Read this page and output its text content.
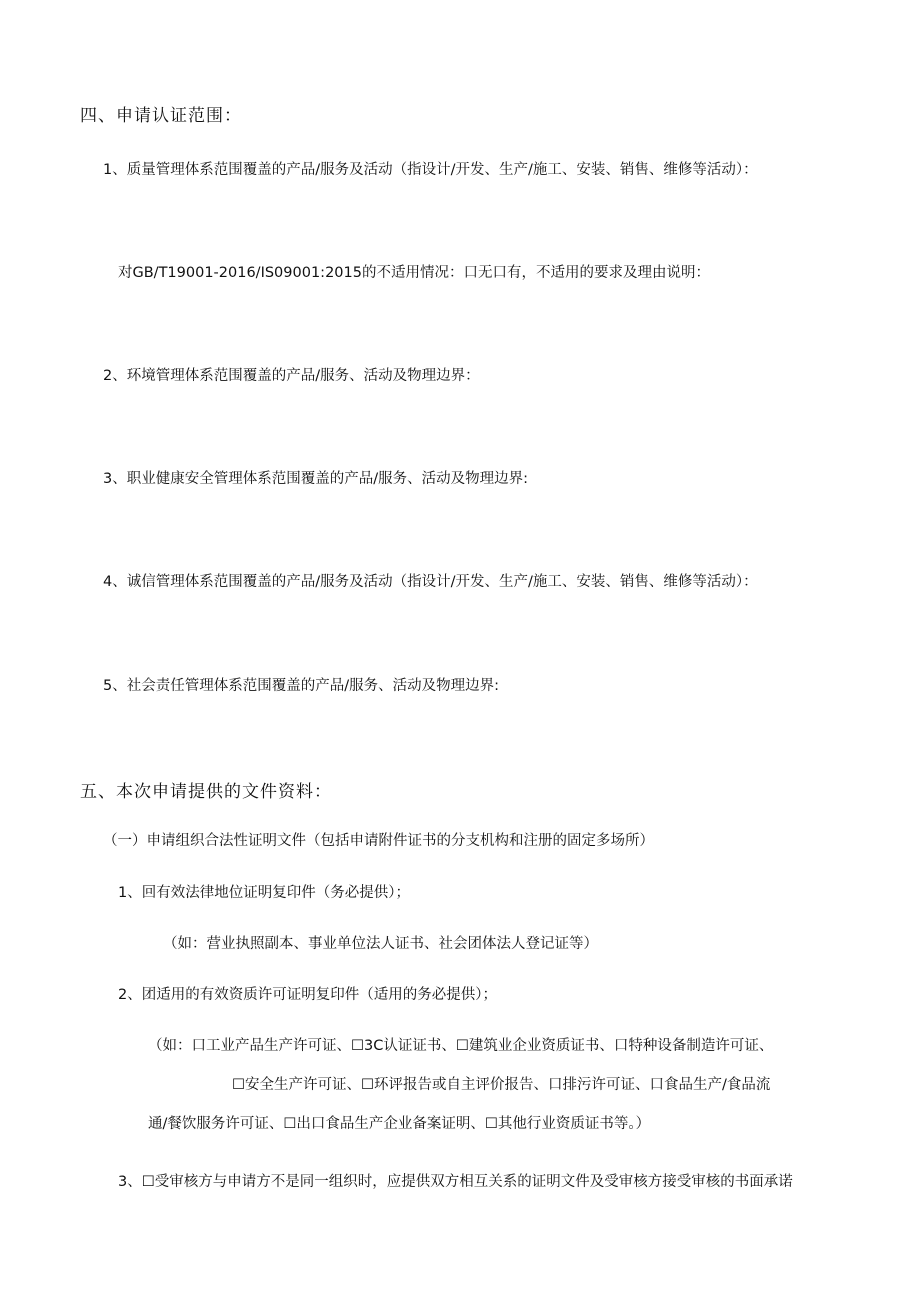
四、申请认证范围：
1、质量管理体系范围覆盖的产品/服务及活动（指设计/开发、生产/施工、安装、销售、维修等活动）：
对GB/T19001-2016/IS09001:2015的不适用情况：口无口有，不适用的要求及理由说明：
2、环境管理体系范围覆盖的产品/服务、活动及物理边界：
3、职业健康安全管理体系范围覆盖的产品/服务、活动及物理边界:
4、诚信管理体系范围覆盖的产品/服务及活动（指设计/开发、生产/施工、安装、销售、维修等活动）：
5、社会责任管理体系范围覆盖的产品/服务、活动及物理边界:
五、本次申请提供的文件资料：
（一）申请组织合法性证明文件（包括申请附件证书的分支机构和注册的固定多场所）
1、回有效法律地位证明复印件（务必提供）；
（如：营业执照副本、事业单位法人证书、社会团体法人登记证等）
2、团适用的有效资质许可证明复印件（适用的务必提供）；
（如：口工业产品生产许可证、☐3C认证证书、☐建筑业企业资质证书、口特种设备制造许可证、
☐安全生产许可证、☐环评报告或自主评价报告、口排污许可证、口食品生产/食品流
通/餐饮服务许可证、☐出口食品生产企业备案证明、☐其他行业资质证书等。）
3、☐受审核方与申请方不是同一组织时，应提供双方相互关系的证明文件及受审核方接受审核的书面承诺
